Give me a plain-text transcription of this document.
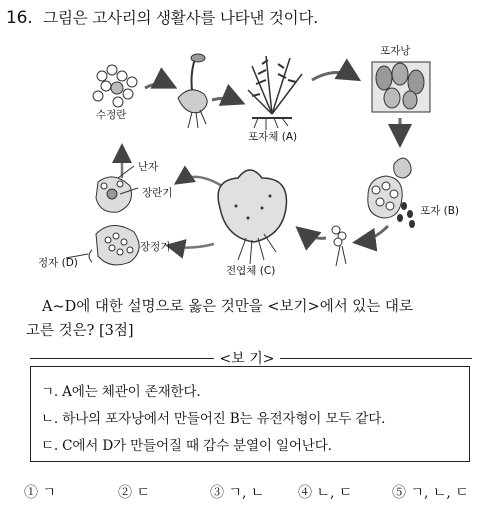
16. 그림은 고사리의 생활사를 나타낸 것이다.
수정란
포자체 (A)
포자낭
포자 (B)
전엽체 (C)
난자
장란기
장정기
정자 (D)
A~D에 대한 설명으로 옳은 것만을 <보기>에서 있는 대로
고른 것은? [3점]
<보 기>
ㄱ. A에는 체관이 존재한다.
ㄴ. 하나의 포자낭에서 만들어진 B는 유전자형이 모두 같다.
ㄷ. C에서 D가 만들어질 때 감수 분열이 일어난다.
① ㄱ	② ㄷ	③ ㄱ, ㄴ ④ ㄴ, ㄷ	⑤ ㄱ, ㄴ, ㄷ
